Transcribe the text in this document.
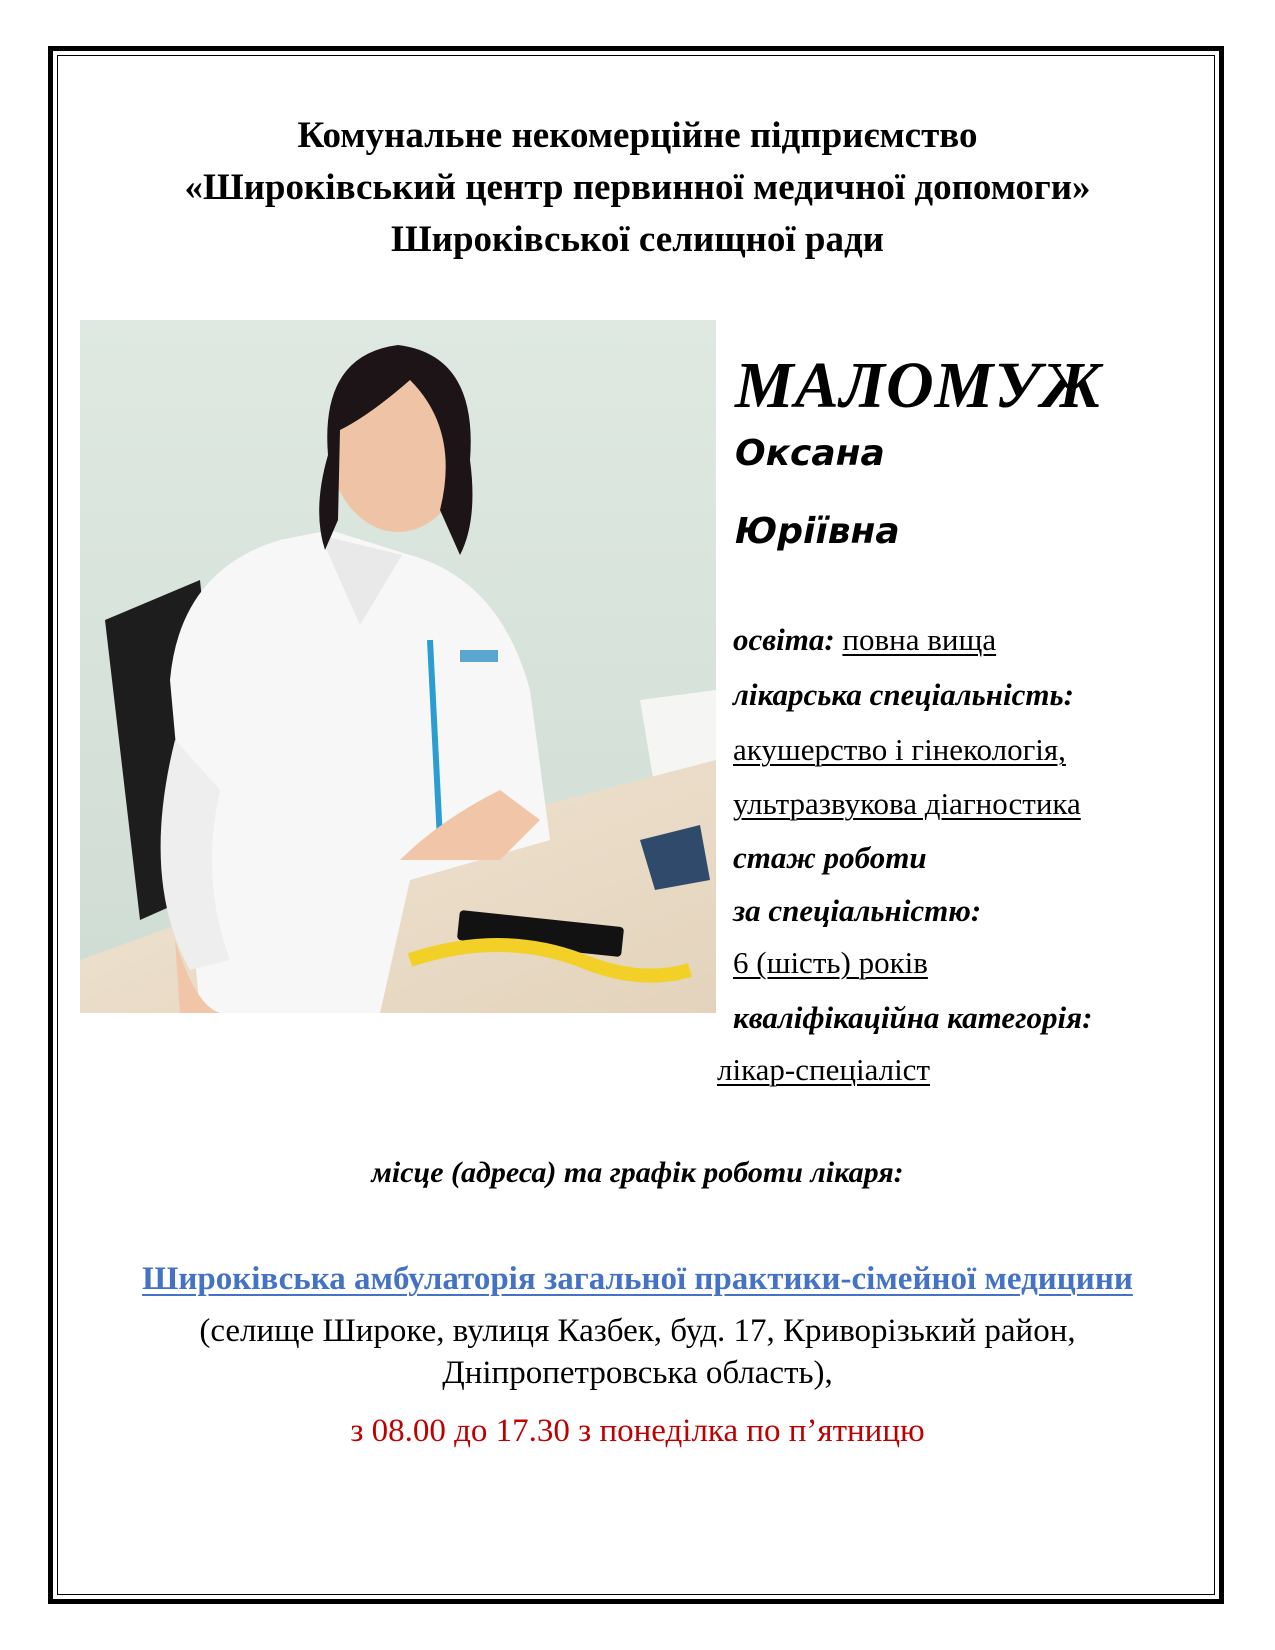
Комунальне некомерційне підприємство
«Широківський центр первинної медичної допомоги»
Широківської селищної ради
МАЛОМУЖ
Оксана
Юріївна
освіта: повна вища
лікарська спеціальність:
акушерство і гінекологія,
ультразвукова діагностика
стаж роботи
за спеціальністю:
6 (шість) років
кваліфікаційна категорія:
лікар-спеціаліст
місце (адреса) та графік роботи лікаря:
Широківська амбулаторія загальної практики-сімейної медицини
(селище Широке, вулиця Казбек, буд. 17, Криворізький район,
Дніпропетровська область),
з 08.00 до 17.30 з понеділка по п’ятницю
